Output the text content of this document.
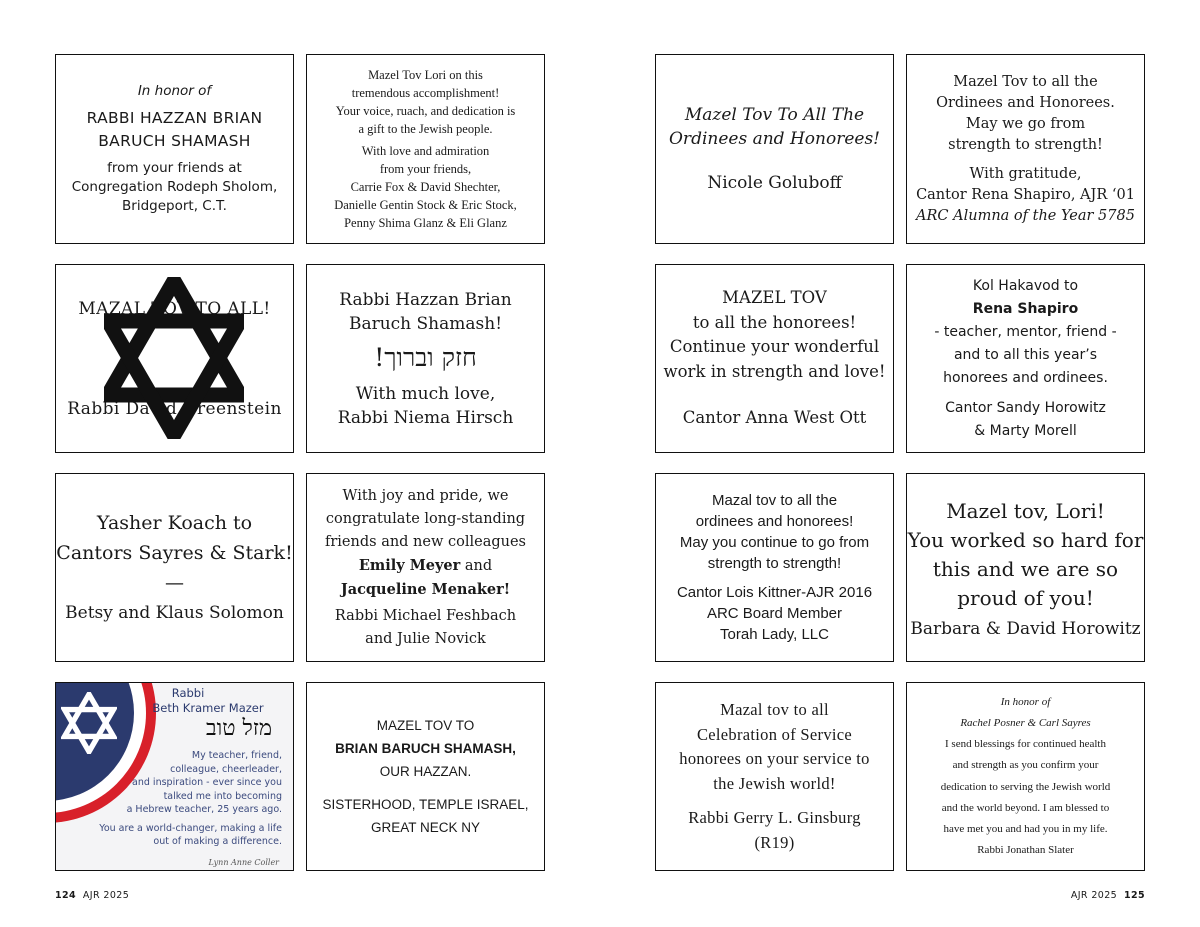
In honor of
RABBI HAZZAN BRIAN
BARUCH SHAMASH
from your friends at
Congregation Rodeph Sholom,
Bridgeport, C.T.
Mazel Tov Lori on this
tremendous accomplishment!
Your voice, ruach, and dedication is
a gift to the Jewish people.
With love and admiration
from your friends,
Carrie Fox & David Shechter,
Danielle Gentin Stock & Eric Stock,
Penny Shima Glanz & Eli Glanz
Mazel Tov To All The
Ordinees and Honorees!
Nicole Goluboff
Mazel Tov to all the
Ordinees and Honorees.
May we go from
strength to strength!
With gratitude,
Cantor Rena Shapiro, AJR ‘01
ARC Alumna of the Year 5785
MAZAL TOV TO ALL!
Rabbi David Greenstein
Rabbi Hazzan Brian
Baruch Shamash!
חזק וברוך!
With much love,
Rabbi Niema Hirsch
MAZEL TOV
to all the honorees!
Continue your wonderful
work in strength and love!
Cantor Anna West Ott
Kol Hakavod to
Rena Shapiro
- teacher, mentor, friend -
and to all this year’s
honorees and ordinees.
Cantor Sandy Horowitz
& Marty Morell
Yasher Koach to
Cantors Sayres & Stark!
—
Betsy and Klaus Solomon
With joy and pride, we
congratulate long-standing
friends and new colleagues
Emily Meyer and
Jacqueline Menaker!
Rabbi Michael Feshbach
and Julie Novick
Mazal tov to all the
ordinees and honorees!
May you continue to go from
strength to strength!
Cantor Lois Kittner-AJR 2016
ARC Board Member
Torah Lady, LLC
Mazel tov, Lori!
You worked so hard for
this and we are so
proud of you!
Barbara & David Horowitz
Rabbi
Beth Kramer Mazer
מזל טוב
My teacher, friend,
colleague, cheerleader,
and inspiration - ever since you
talked me into becoming
a Hebrew teacher, 25 years ago.
You are a world-changer, making a life
out of making a difference.
Lynn Anne Coller
MAZEL TOV TO
BRIAN BARUCH SHAMASH,
OUR HAZZAN.
SISTERHOOD, TEMPLE ISRAEL,
GREAT NECK NY
Mazal tov to all
Celebration of Service
honorees on your service to
the Jewish world!
Rabbi Gerry L. Ginsburg
(R19)
In honor of
Rachel Posner & Carl Sayres
I send blessings for continued health
and strength as you confirm your
dedication to serving the Jewish world
and the world beyond. I am blessed to
have met you and had you in my life.
Rabbi Jonathan Slater
124 AJR 2025	AJR 2025 125
